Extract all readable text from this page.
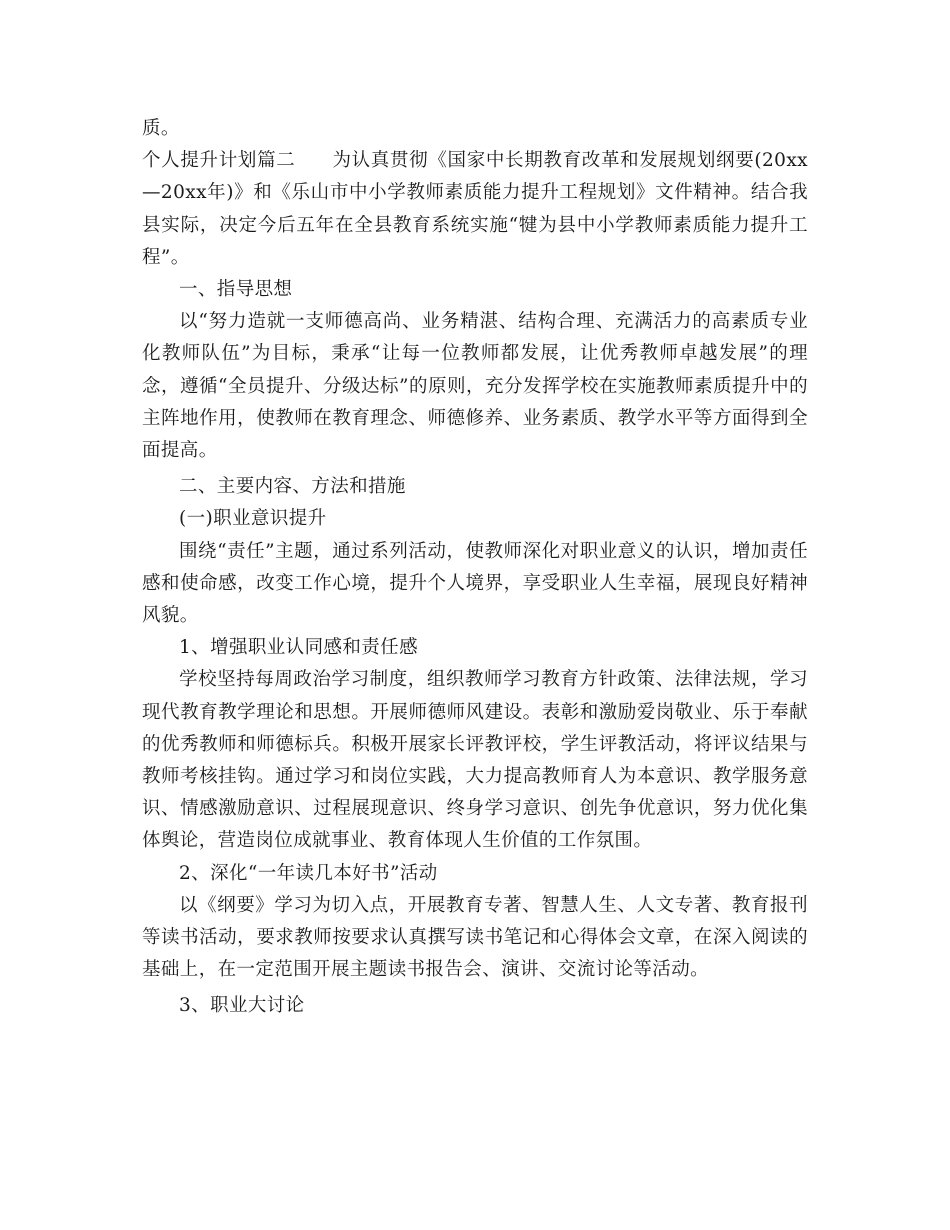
质。

个人提升计划篇二 为认真贯彻《国家中长期教育改革和发展规划纲要(20xx—20xx年)》和《乐山市中小学教师素质能力提升工程规划》文件精神。结合我县实际，决定今后五年在全县教育系统实施“犍为县中小学教师素质能力提升工程”。

一、指导思想

以“努力造就一支师德高尚、业务精湛、结构合理、充满活力的高素质专业化教师队伍”为目标，秉承“让每一位教师都发展，让优秀教师卓越发展”的理念，遵循“全员提升、分级达标”的原则，充分发挥学校在实施教师素质提升中的主阵地作用，使教师在教育理念、师德修养、业务素质、教学水平等方面得到全面提高。

二、主要内容、方法和措施

(一)职业意识提升

围绕“责任”主题，通过系列活动，使教师深化对职业意义的认识，增加责任感和使命感，改变工作心境，提升个人境界，享受职业人生幸福，展现良好精神风貌。

1、增强职业认同感和责任感

学校坚持每周政治学习制度，组织教师学习教育方针政策、法律法规，学习现代教育教学理论和思想。开展师德师风建设。表彰和激励爱岗敬业、乐于奉献的优秀教师和师德标兵。积极开展家长评教评校，学生评教活动，将评议结果与教师考核挂钩。通过学习和岗位实践，大力提高教师育人为本意识、教学服务意识、情感激励意识、过程展现意识、终身学习意识、创先争优意识，努力优化集体舆论，营造岗位成就事业、教育体现人生价值的工作氛围。

2、深化“一年读几本好书”活动

以《纲要》学习为切入点，开展教育专著、智慧人生、人文专著、教育报刊等读书活动，要求教师按要求认真撰写读书笔记和心得体会文章，在深入阅读的基础上，在一定范围开展主题读书报告会、演讲、交流讨论等活动。

3、职业大讨论
